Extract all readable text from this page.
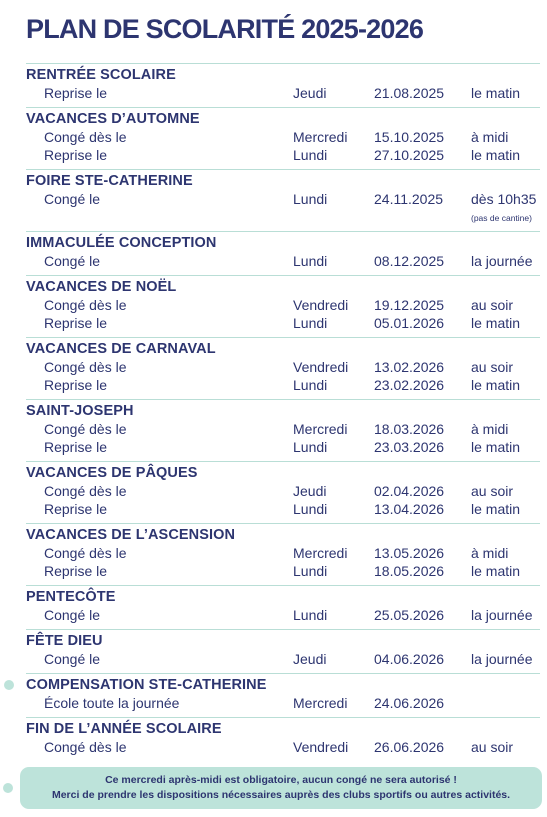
PLAN DE SCOLARITÉ 2025-2026
RENTRÉE SCOLAIRE
Reprise le	Jeudi	21.08.2025 le matin
VACANCES D’AUTOMNE
Congé dès le	Mercredi 15.10.2025 à midi
Reprise le	Lundi	27.10.2025 le matin
FOIRE STE-CATHERINE
Congé le	Lundi	24.11.2025 dès 10h35
(pas de cantine)
IMMACULÉE CONCEPTION
Congé le	Lundi	08.12.2025 la journée
VACANCES DE NOËL
Congé dès le	Vendredi 19.12.2025 au soir
Reprise le	Lundi	05.01.2026 le matin
VACANCES DE CARNAVAL
Congé dès le	Vendredi 13.02.2026 au soir
Reprise le	Lundi	23.02.2026 le matin
SAINT-JOSEPH
Congé dès le	Mercredi 18.03.2026 à midi
Reprise le	Lundi	23.03.2026 le matin
VACANCES DE PÂQUES
Congé dès le	Jeudi	02.04.2026 au soir
Reprise le	Lundi	13.04.2026 le matin
VACANCES DE L’ASCENSION
Congé dès le	Mercredi 13.05.2026 à midi
Reprise le	Lundi	18.05.2026 le matin
PENTECÔTE
Congé le	Lundi	25.05.2026 la journée
FÊTE DIEU
Congé le	Jeudi	04.06.2026 la journée
COMPENSATION STE-CATHERINE
École toute la journée	Mercredi 24.06.2026
FIN DE L’ANNÉE SCOLAIRE
Congé dès le	Vendredi 26.06.2026 au soir
Ce mercredi après-midi est obligatoire, aucun congé ne sera autorisé !
Merci de prendre les dispositions nécessaires auprès des clubs sportifs ou autres activités.
